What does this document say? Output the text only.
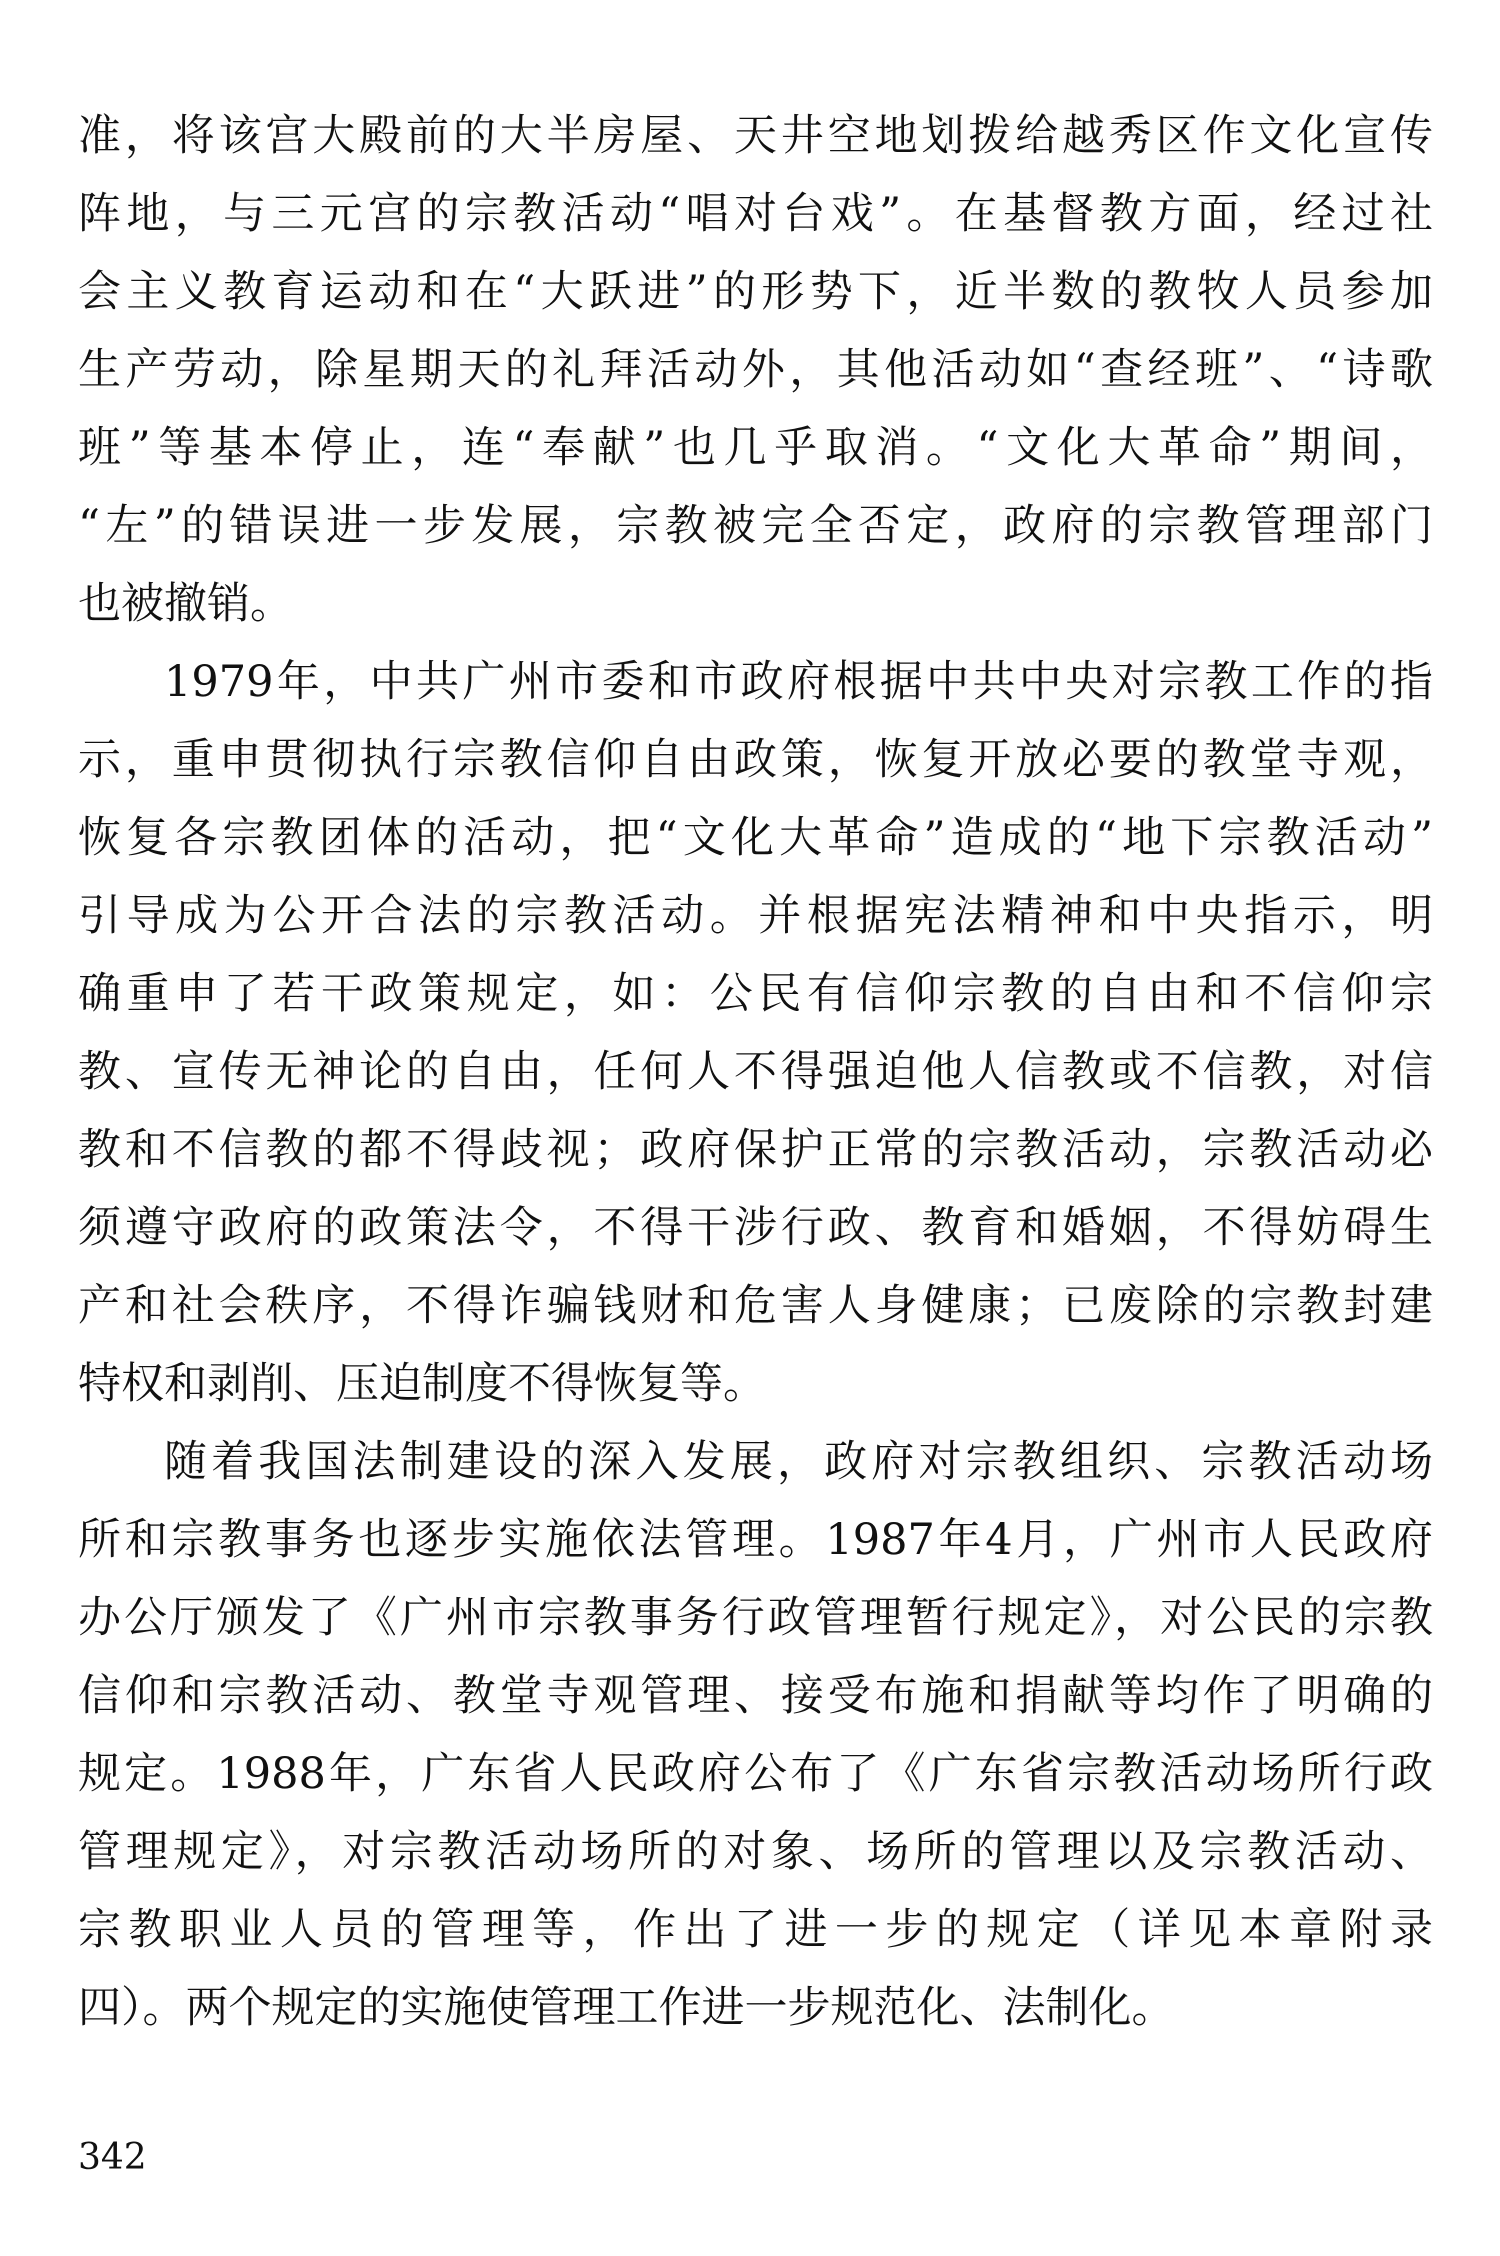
准，将该宫大殿前的大半房屋、天井空地划拨给越秀区作文化宣传
阵地，与三元宫的宗教活动“唱对台戏”。在基督教方面，经过社
会主义教育运动和在“大跃进”的形势下，近半数的教牧人员参加
生产劳动，除星期天的礼拜活动外，其他活动如“查经班”、“诗歌
班”等基本停止，连“奉献”也几乎取消。“文化大革命”期间，
“左”的错误进一步发展，宗教被完全否定，政府的宗教管理部门
也被撤销。
1979年，中共广州市委和市政府根据中共中央对宗教工作的指
示，重申贯彻执行宗教信仰自由政策，恢复开放必要的教堂寺观，
恢复各宗教团体的活动，把“文化大革命”造成的“地下宗教活动”
引导成为公开合法的宗教活动。并根据宪法精神和中央指示，明
确重申了若干政策规定，如：公民有信仰宗教的自由和不信仰宗
教、宣传无神论的自由，任何人不得强迫他人信教或不信教，对信
教和不信教的都不得歧视；政府保护正常的宗教活动，宗教活动必
须遵守政府的政策法令，不得干涉行政、教育和婚姻，不得妨碍生
产和社会秩序，不得诈骗钱财和危害人身健康；已废除的宗教封建
特权和剥削、压迫制度不得恢复等。
随着我国法制建设的深入发展，政府对宗教组织、宗教活动场
所和宗教事务也逐步实施依法管理。1987年4月，广州市人民政府
办公厅颁发了《广州市宗教事务行政管理暂行规定》，对公民的宗教
信仰和宗教活动、教堂寺观管理、接受布施和捐献等均作了明确的
规定。1988年，广东省人民政府公布了《广东省宗教活动场所行政
管理规定》，对宗教活动场所的对象、场所的管理以及宗教活动、
宗教职业人员的管理等，作出了进一步的规定（详见本章附录
四）。两个规定的实施使管理工作进一步规范化、法制化。
342
